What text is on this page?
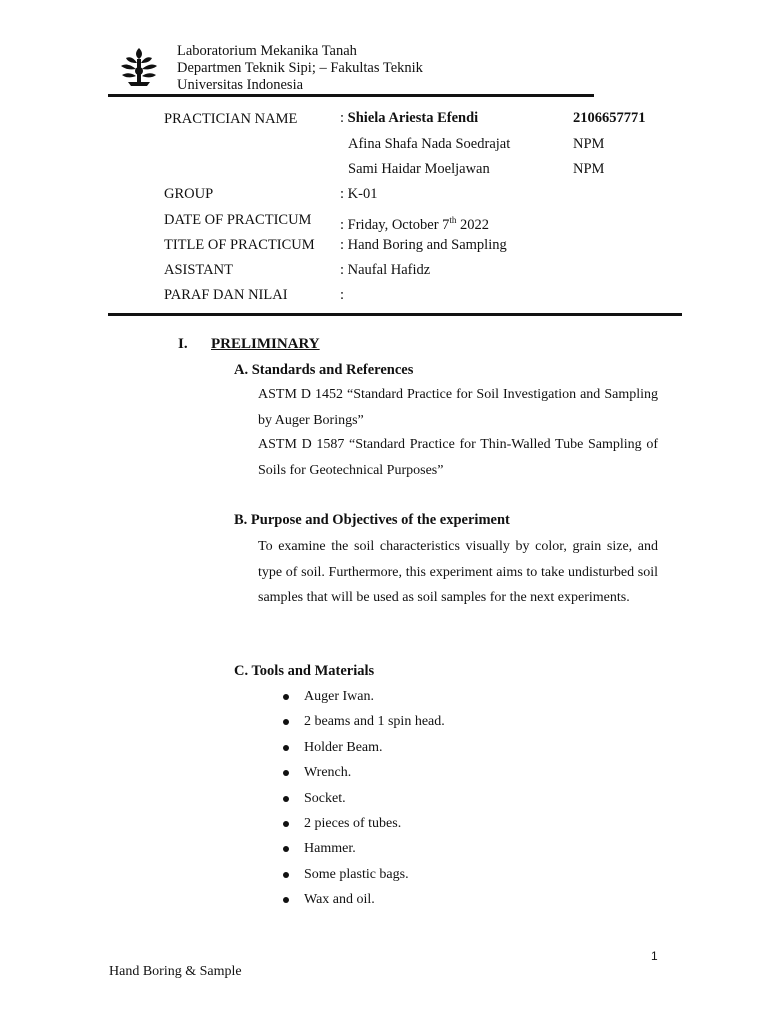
Laboratorium Mekanika Tanah
Departmen Teknik Sipi; – Fakultas Teknik
Universitas Indonesia
PRACTICIAN NAME	: Shiela Ariesta Efendi	2106657771
Afina Shafa Nada Soedrajat	NPM
Sami Haidar Moeljawan	NPM
GROUP	: K-01
DATE OF PRACTICUM : Friday, October 7th 2022
TITLE OF PRACTICUM : Hand Boring and Sampling
ASISTANT	: Naufal Hafidz
PARAF DAN NILAI	:
I. PRELIMINARY
A. Standards and References
ASTM D 1452 “Standard Practice for Soil Investigation and Sampling by Auger Borings”
ASTM D 1587 “Standard Practice for Thin-Walled Tube Sampling of Soils for Geotechnical Purposes”
B. Purpose and Objectives of the experiment
To examine the soil characteristics visually by color, grain size, and type of soil. Furthermore, this experiment aims to take undisturbed soil samples that will be used as soil samples for the next experiments.
C. Tools and Materials
Auger Iwan.
2 beams and 1 spin head.
Holder Beam.
Wrench.
Socket.
2 pieces of tubes.
Hammer.
Some plastic bags.
Wax and oil.
1
Hand Boring & Sample
